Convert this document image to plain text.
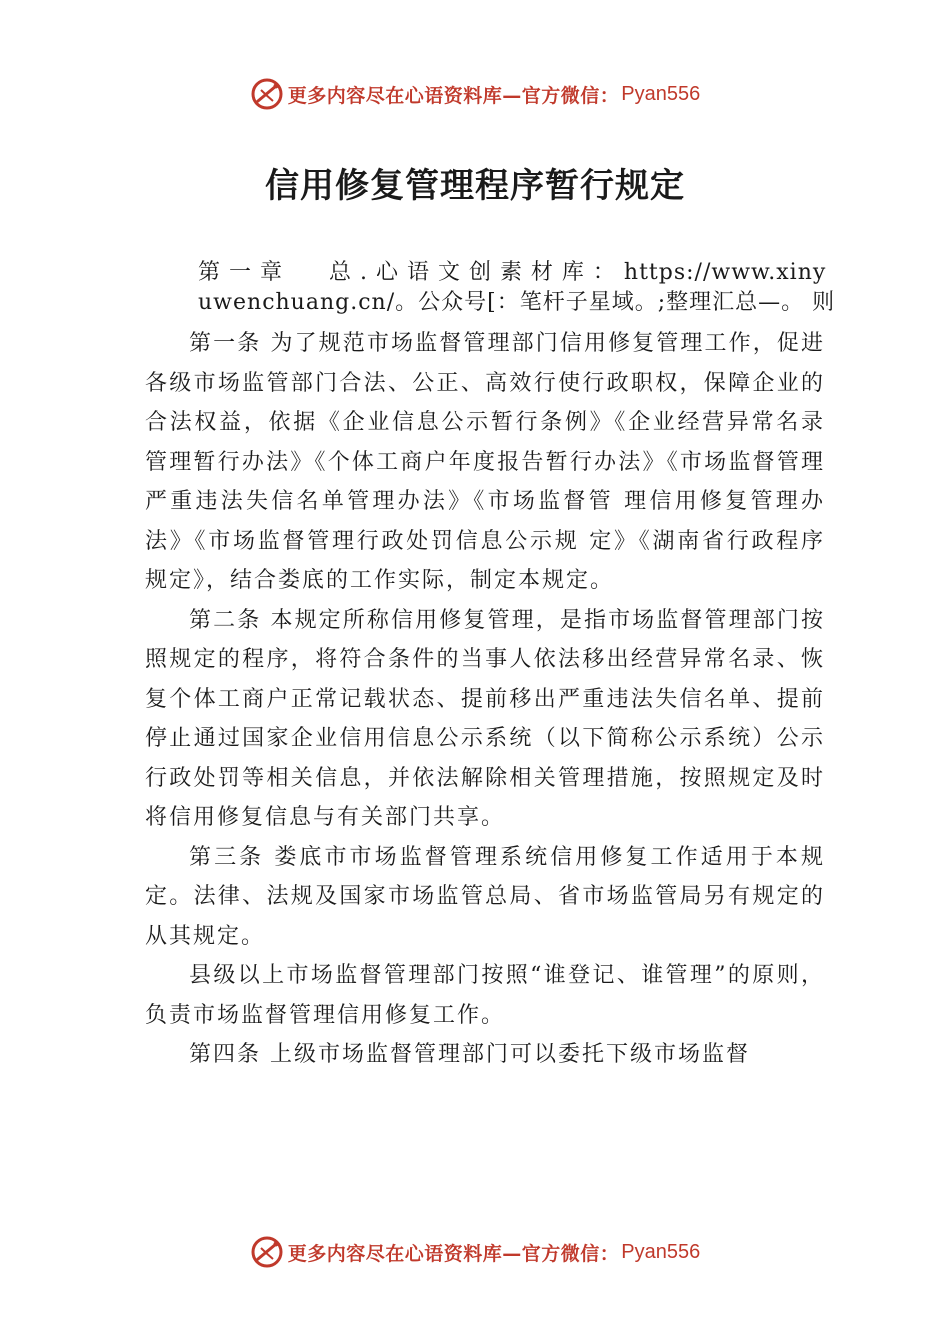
更多内容尽在心语资料库—官方微信： Pyan556
信用修复管理程序暂行规定

第 一 章　　总 . 心 语 文 创 素 材 库 ： https://www.xinyuwenchuang.cn/。公众号[：笔杆子星域。;整理汇总—。 则

第一条 为了规范市场监督管理部门信用修复管理工作，促进各级市场监管部门合法、公正、高效行使行政职权，保障企业的合法权益，依据《企业信息公示暂行条例》《企业经营异常名录管理暂行办法》《个体工商户年度报告暂行办法》《市场监督管理严重违法失信名单管理办法》《市场监督管 理信用修复管理办法》《市场监督管理行政处罚信息公示规 定》《湖南省行政程序规定》，结合娄底的工作实际，制定本规定。

第二条 本规定所称信用修复管理，是指市场监督管理部门按照规定的程序，将符合条件的当事人依法移出经营异常名录、恢复个体工商户正常记载状态、提前移出严重违法失信名单、提前停止通过国家企业信用信息公示系统（以下简称公示系统）公示行政处罚等相关信息，并依法解除相关管理措施，按照规定及时将信用修复信息与有关部门共享。

第三条 娄底市市场监督管理系统信用修复工作适用于本规定。法律、法规及国家市场监管总局、省市场监管局另有规定的从其规定。

县级以上市场监督管理部门按照“谁登记、谁管理”的原则，负责市场监督管理信用修复工作。

第四条 上级市场监督管理部门可以委托下级市场监督

更多内容尽在心语资料库—官方微信： Pyan556
